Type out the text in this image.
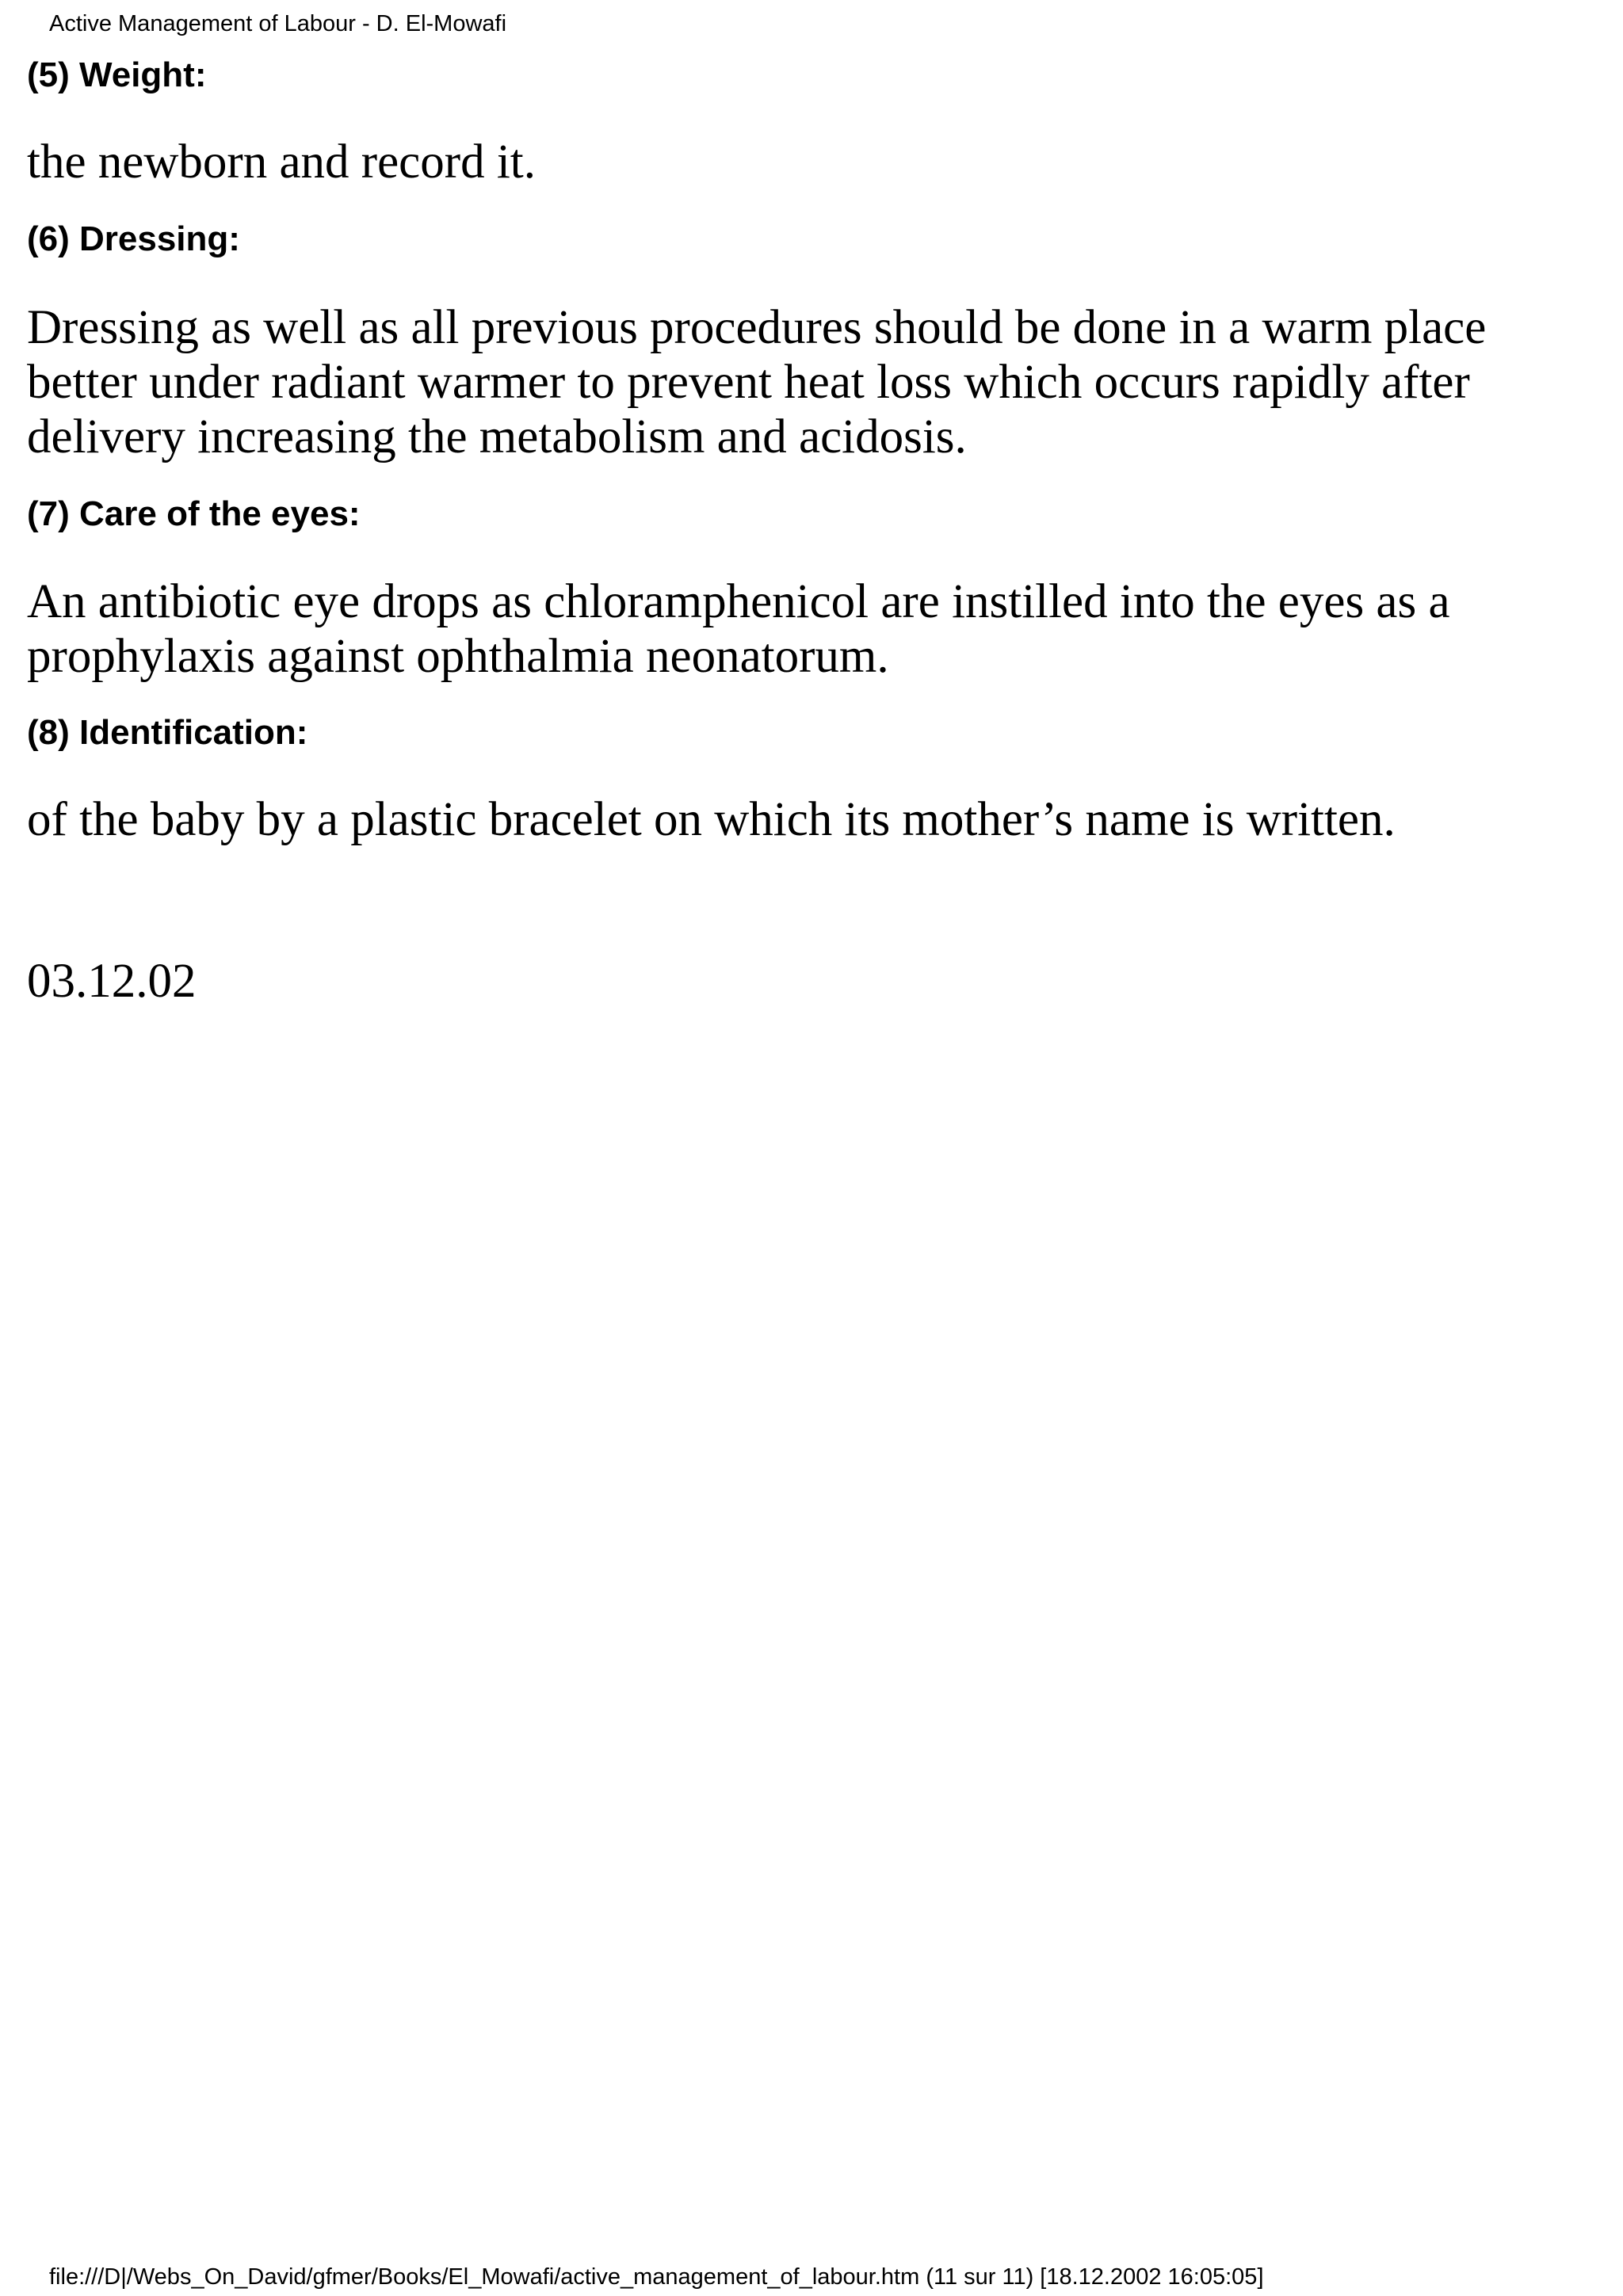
Active Management of Labour - D. El-Mowafi
(5) Weight:
the newborn and record it.
(6) Dressing:
Dressing as well as all previous procedures should be done in a warm place better under radiant warmer to prevent heat loss which occurs rapidly after delivery increasing the metabolism and acidosis.
(7) Care of the eyes:
An antibiotic eye drops as chloramphenicol are instilled into the eyes as a prophylaxis against ophthalmia neonatorum.
(8) Identification:
of the baby by a plastic bracelet on which its mother’s name is written.
03.12.02
file:///D|/Webs_On_David/gfmer/Books/El_Mowafi/active_management_of_labour.htm (11 sur 11) [18.12.2002 16:05:05]
